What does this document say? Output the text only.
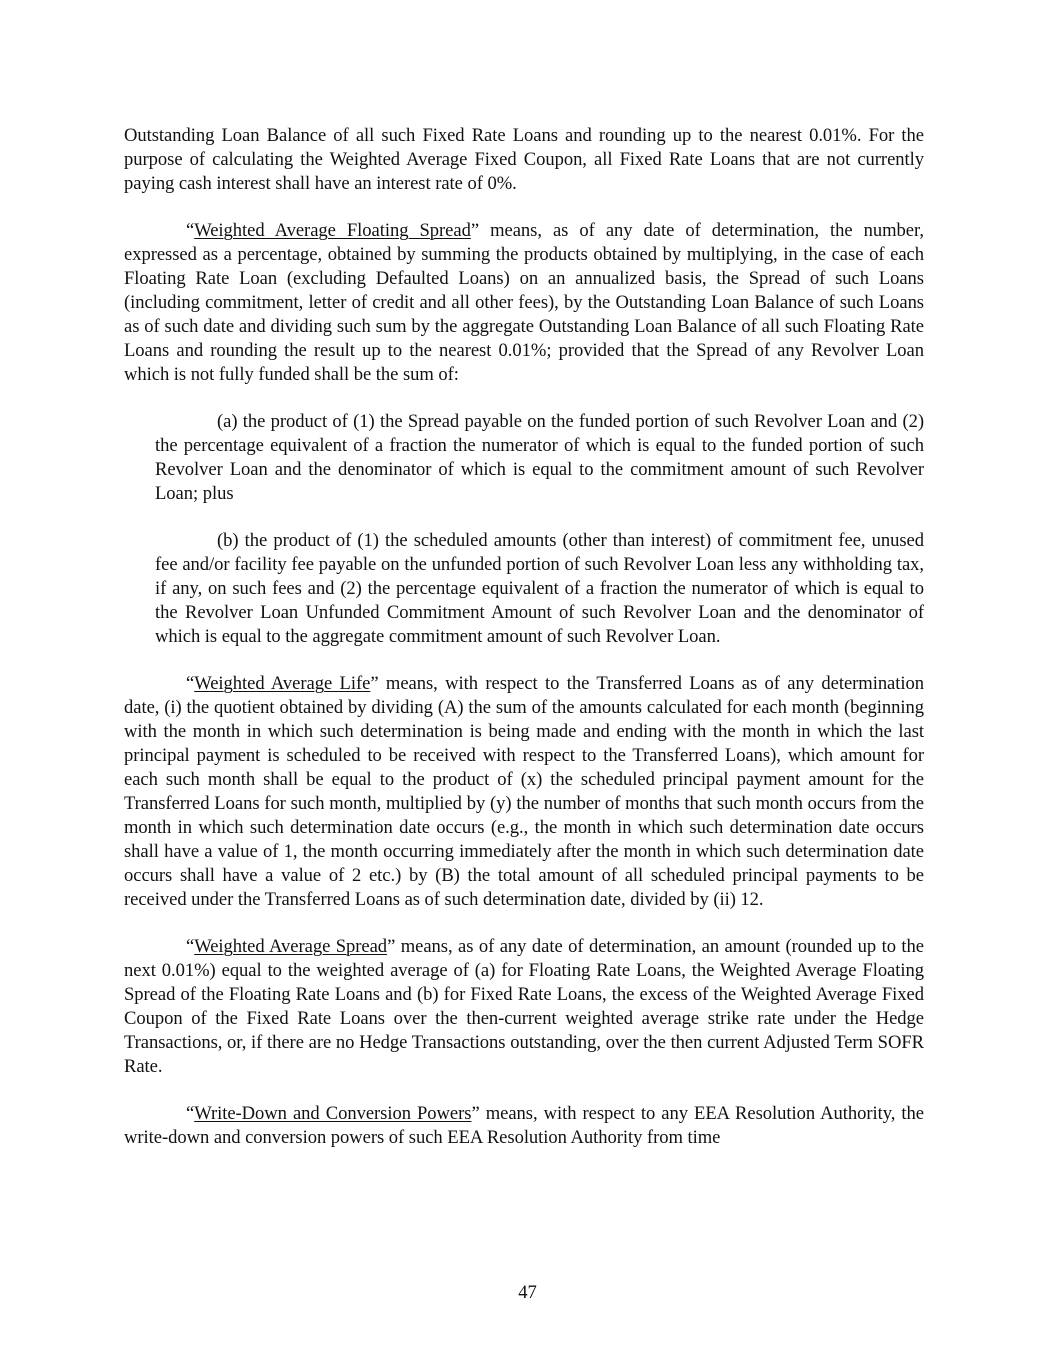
Outstanding Loan Balance of all such Fixed Rate Loans and rounding up to the nearest 0.01%. For the purpose of calculating the Weighted Average Fixed Coupon, all Fixed Rate Loans that are not currently paying cash interest shall have an interest rate of 0%.

“Weighted Average Floating Spread” means, as of any date of determination, the number, expressed as a percentage, obtained by summing the products obtained by multiplying, in the case of each Floating Rate Loan (excluding Defaulted Loans) on an annualized basis, the Spread of such Loans (including commitment, letter of credit and all other fees), by the Outstanding Loan Balance of such Loans as of such date and dividing such sum by the aggregate Outstanding Loan Balance of all such Floating Rate Loans and rounding the result up to the nearest 0.01%; provided that the Spread of any Revolver Loan which is not fully funded shall be the sum of:

(a) the product of (1) the Spread payable on the funded portion of such Revolver Loan and (2) the percentage equivalent of a fraction the numerator of which is equal to the funded portion of such Revolver Loan and the denominator of which is equal to the commitment amount of such Revolver Loan; plus

(b) the product of (1) the scheduled amounts (other than interest) of commitment fee, unused fee and/or facility fee payable on the unfunded portion of such Revolver Loan less any withholding tax, if any, on such fees and (2) the percentage equivalent of a fraction the numerator of which is equal to the Revolver Loan Unfunded Commitment Amount of such Revolver Loan and the denominator of which is equal to the aggregate commitment amount of such Revolver Loan.

“Weighted Average Life” means, with respect to the Transferred Loans as of any determination date, (i) the quotient obtained by dividing (A) the sum of the amounts calculated for each month (beginning with the month in which such determination is being made and ending with the month in which the last principal payment is scheduled to be received with respect to the Transferred Loans), which amount for each such month shall be equal to the product of (x) the scheduled principal payment amount for the Transferred Loans for such month, multiplied by (y) the number of months that such month occurs from the month in which such determination date occurs (e.g., the month in which such determination date occurs shall have a value of 1, the month occurring immediately after the month in which such determination date occurs shall have a value of 2 etc.) by (B) the total amount of all scheduled principal payments to be received under the Transferred Loans as of such determination date, divided by (ii) 12.

“Weighted Average Spread” means, as of any date of determination, an amount (rounded up to the next 0.01%) equal to the weighted average of (a) for Floating Rate Loans, the Weighted Average Floating Spread of the Floating Rate Loans and (b) for Fixed Rate Loans, the excess of the Weighted Average Fixed Coupon of the Fixed Rate Loans over the then-current weighted average strike rate under the Hedge Transactions, or, if there are no Hedge Transactions outstanding, over the then current Adjusted Term SOFR Rate.

“Write-Down and Conversion Powers” means, with respect to any EEA Resolution Authority, the write-down and conversion powers of such EEA Resolution Authority from time

47
